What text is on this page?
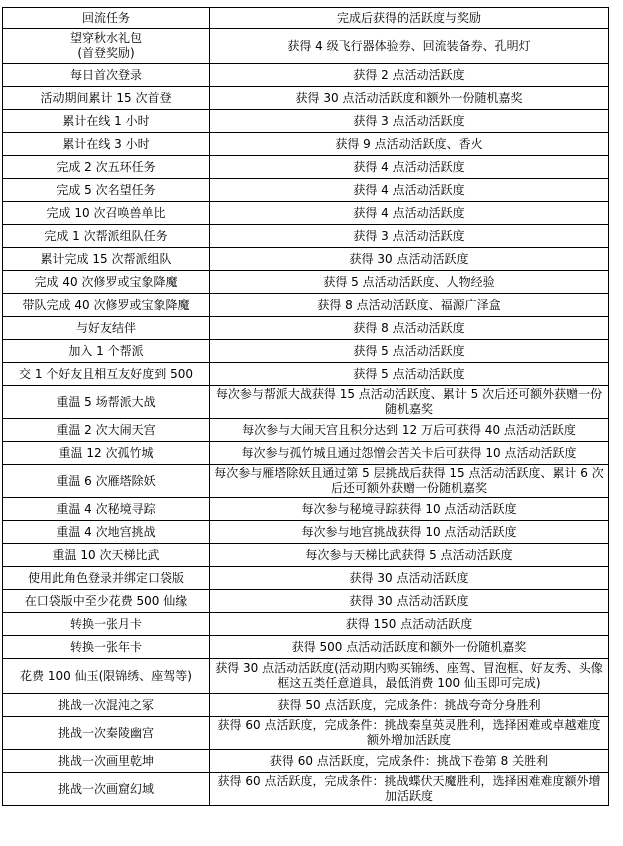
回流任务	完成后获得的活跃度与奖励
望穿秋水礼包
(首登奖励)	获得 4 级飞行器体验券、回流装备券、孔明灯
每日首次登录	获得 2 点活动活跃度
活动期间累计 15 次首登	获得 30 点活动活跃度和额外一份随机嘉奖
累计在线 1 小时	获得 3 点活动活跃度
累计在线 3 小时	获得 9 点活动活跃度、香火
完成 2 次五环任务	获得 4 点活动活跃度
完成 5 次名望任务	获得 4 点活动活跃度
完成 10 次召唤兽单比	获得 4 点活动活跃度
完成 1 次帮派组队任务	获得 3 点活动活跃度
累计完成 15 次帮派组队	获得 30 点活动活跃度
完成 40 次修罗或宝象降魔	获得 5 点活动活跃度、人物经验
带队完成 40 次修罗或宝象降魔	获得 8 点活动活跃度、福源广泽盒
与好友结伴	获得 8 点活动活跃度
加入 1 个帮派	获得 5 点活动活跃度
交 1 个好友且相互友好度到 500	获得 5 点活动活跃度
重温 5 场帮派大战	每次参与帮派大战获得 15 点活动活跃度、累计 5 次后还可额外获赠一份随机嘉奖
重温 2 次大闹天宫	每次参与大闹天宫且积分达到 12 万后可获得 40 点活动活跃度
重温 12 次孤竹城	每次参与孤竹城且通过怨憎会苦关卡后可获得 10 点活动活跃度
重温 6 次雁塔除妖	每次参与雁塔除妖且通过第 5 层挑战后获得 15 点活动活跃度、累计 6 次后还可额外获赠一份随机嘉奖
重温 4 次秘境寻踪	每次参与秘境寻踪获得 10 点活动活跃度
重温 4 次地宫挑战	每次参与地宫挑战获得 10 点活动活跃度
重温 10 次天梯比武	每次参与天梯比武获得 5 点活动活跃度
使用此角色登录并绑定口袋版	获得 30 点活动活跃度
在口袋版中至少花费 500 仙缘	获得 30 点活动活跃度
转换一张月卡	获得 150 点活动活跃度
转换一张年卡	获得 500 点活动活跃度和额外一份随机嘉奖
花费 100 仙玉(限锦绣、座驾等)	获得 30 点活动活跃度(活动期内购买锦绣、座驾、冒泡框、好友秀、头像框这五类任意道具，最低消费 100 仙玉即可完成)
挑战一次混沌之冢	获得 50 点活跃度，完成条件：挑战夸奇分身胜利
挑战一次秦陵幽宫	获得 60 点活跃度，完成条件：挑战秦皇英灵胜利，选择困难或卓越难度额外增加活跃度
挑战一次画里乾坤	获得 60 点活跃度，完成条件：挑战下卷第 8 关胜利
挑战一次画窟幻域	获得 60 点活跃度，完成条件：挑战蝶伏天魔胜利，选择困难难度额外增加活跃度
